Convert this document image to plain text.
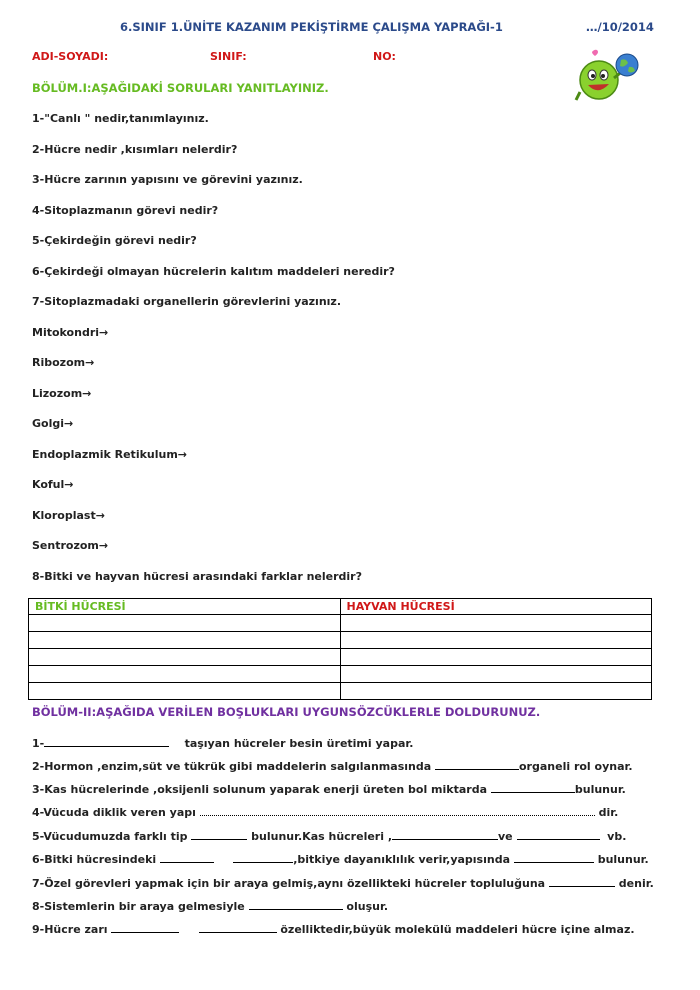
6.SINIF 1.ÜNİTE KAZANIM PEKİŞTİRME ÇALIŞMA YAPRAĞI-1	…/10/2014
ADI-SOYADI:	SINIF:	NO:
BÖLÜM.I:AŞAĞIDAKİ SORULARI YANITLAYINIZ.
1-"Canlı " nedir,tanımlayınız.
2-Hücre nedir ,kısımları nelerdir?
3-Hücre zarının yapısını ve görevini yazınız.
4-Sitoplazmanın görevi nedir?
5-Çekirdeğin görevi nedir?
6-Çekirdeği olmayan hücrelerin kalıtım maddeleri neredir?
7-Sitoplazmadaki organellerin görevlerini yazınız.
Mitokondri→
Ribozom→
Lizozom→
Golgi→
Endoplazmik Retikulum→
Koful→
Kloroplast→
Sentrozom→
8-Bitki ve hayvan hücresi arasındaki farklar nelerdir?
BİTKİ HÜCRESİ	HAYVAN HÜCRESİ

BÖLÜM-II:AŞAĞIDA VERİLEN BOŞLUKLARI UYGUNSÖZCÜKLERLE DOLDURUNUZ.
1-	taşıyan hücreler besin üretimi yapar.
2-Hormon ,enzim,süt ve tükrük gibi maddelerin salgılanmasında	organeli rol oynar.
3-Kas hücrelerinde ,oksijenli solunum yaparak enerji üreten bol miktarda	bulunur.
4-Vücuda diklik veren yapı	dir.
5-Vücudumuzda farklı tip	bulunur.Kas hücreleri ,	ve	vb.
6-Bitki hücresindeki	,bitkiye dayanıklılık verir,yapısında	bulunur.
7-Özel görevleri yapmak için bir araya gelmiş,aynı özellikteki hücreler topluluğuna	denir.
8-Sistemlerin bir araya gelmesiyle	oluşur.
9-Hücre zarı	özelliktedir,büyük molekülü maddeleri hücre içine almaz.
